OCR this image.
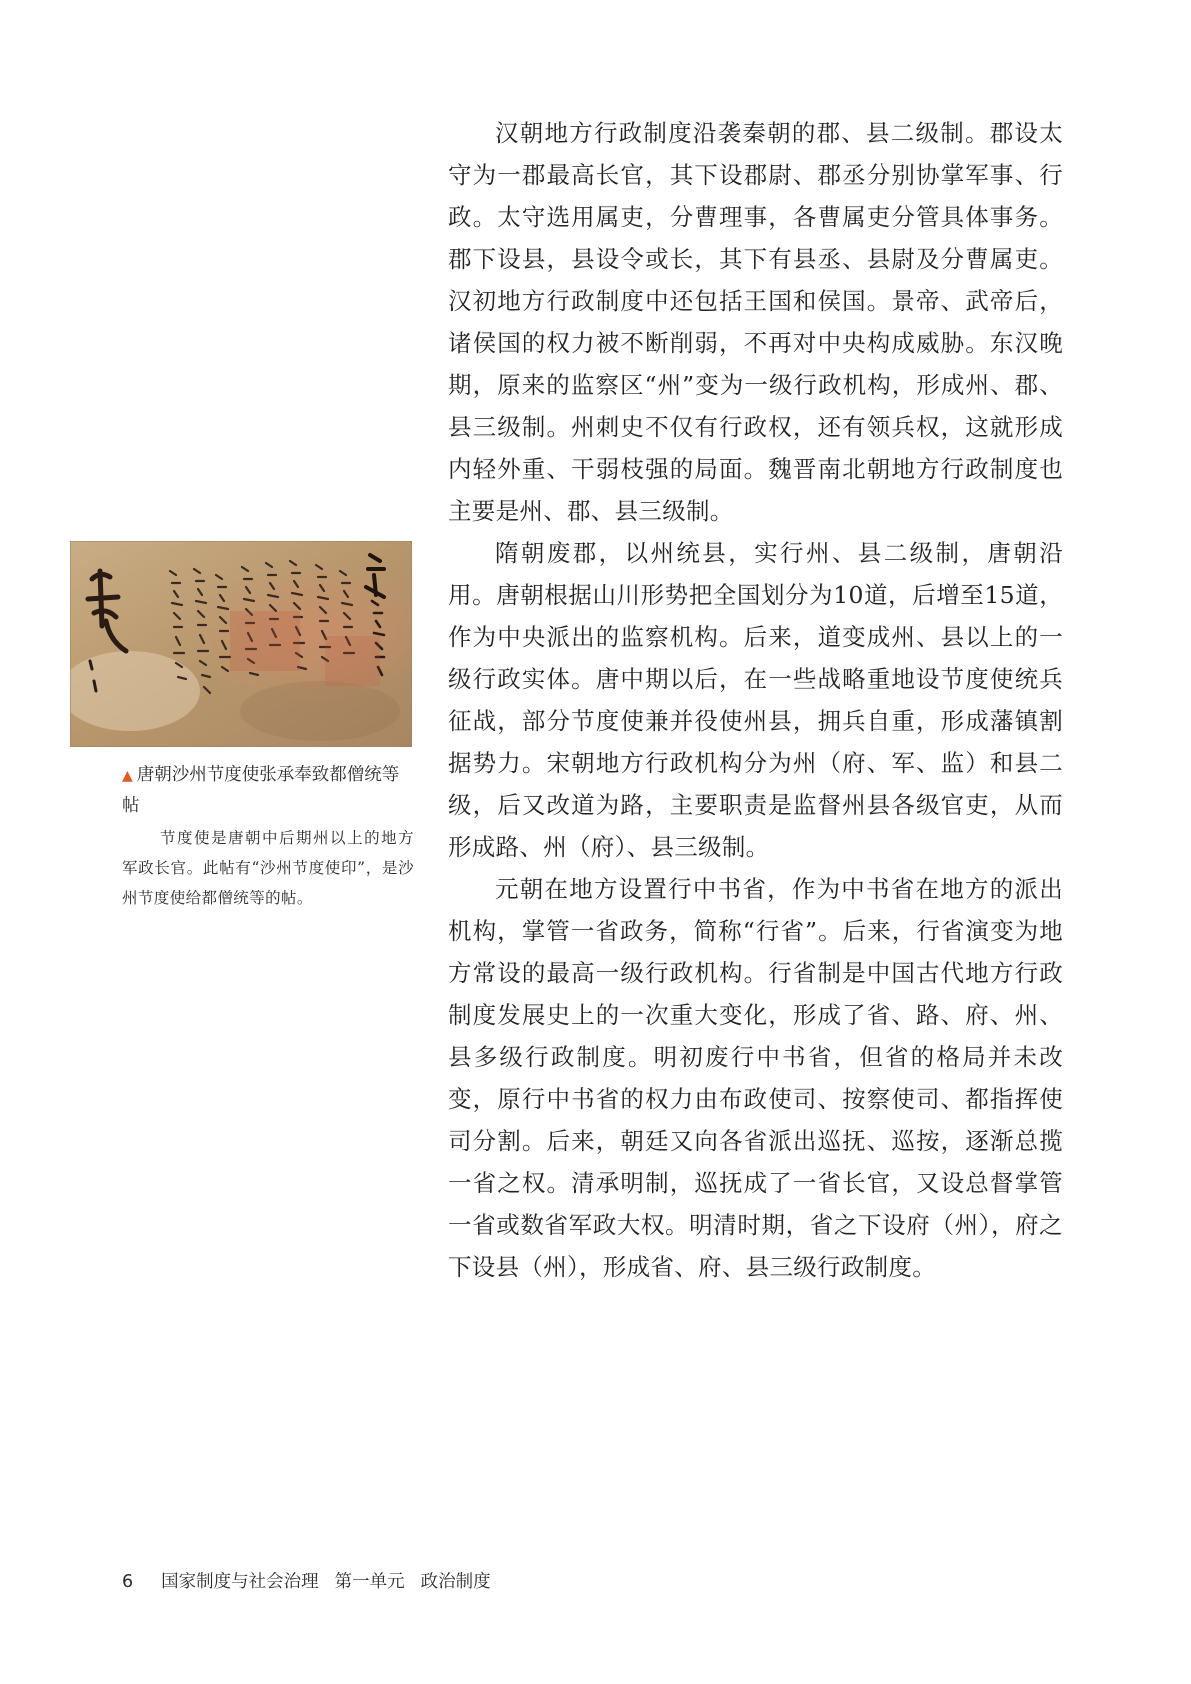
汉朝地方行政制度沿袭秦朝的郡、县二级制。郡设太守为一郡最高长官，其下设郡尉、郡丞分别协掌军事、行政。太守选用属吏，分曹理事，各曹属吏分管具体事务。郡下设县，县设令或长，其下有县丞、县尉及分曹属吏。汉初地方行政制度中还包括王国和侯国。景帝、武帝后，诸侯国的权力被不断削弱，不再对中央构成威胁。东汉晚期，原来的监察区“州”变为一级行政机构，形成州、郡、县三级制。州刺史不仅有行政权，还有领兵权，这就形成内轻外重、干弱枝强的局面。魏晋南北朝地方行政制度也主要是州、郡、县三级制。

隋朝废郡，以州统县，实行州、县二级制，唐朝沿用。唐朝根据山川形势把全国划分为10道，后增至15道，作为中央派出的监察机构。后来，道变成州、县以上的一级行政实体。唐中期以后，在一些战略重地设节度使统兵征战，部分节度使兼并役使州县，拥兵自重，形成藩镇割据势力。宋朝地方行政机构分为州（府、军、监）和县二级，后又改道为路，主要职责是监督州县各级官吏，从而形成路、州（府）、县三级制。

元朝在地方设置行中书省，作为中书省在地方的派出机构，掌管一省政务，简称“行省”。后来，行省演变为地方常设的最高一级行政机构。行省制是中国古代地方行政制度发展史上的一次重大变化，形成了省、路、府、州、县多级行政制度。明初废行中书省，但省的格局并未改变，原行中书省的权力由布政使司、按察使司、都指挥使司分割。后来，朝廷又向各省派出巡抚、巡按，逐渐总揽一省之权。清承明制，巡抚成了一省长官，又设总督掌管一省或数省军政大权。明清时期，省之下设府（州），府之下设县（州），形成省、府、县三级行政制度。

▲ 唐朝沙州节度使张承奉致都僧统等帖

节度使是唐朝中后期州以上的地方军政长官。此帖有“沙州节度使印”，是沙州节度使给都僧统等的帖。

6 国家制度与社会治理 第一单元 政治制度
